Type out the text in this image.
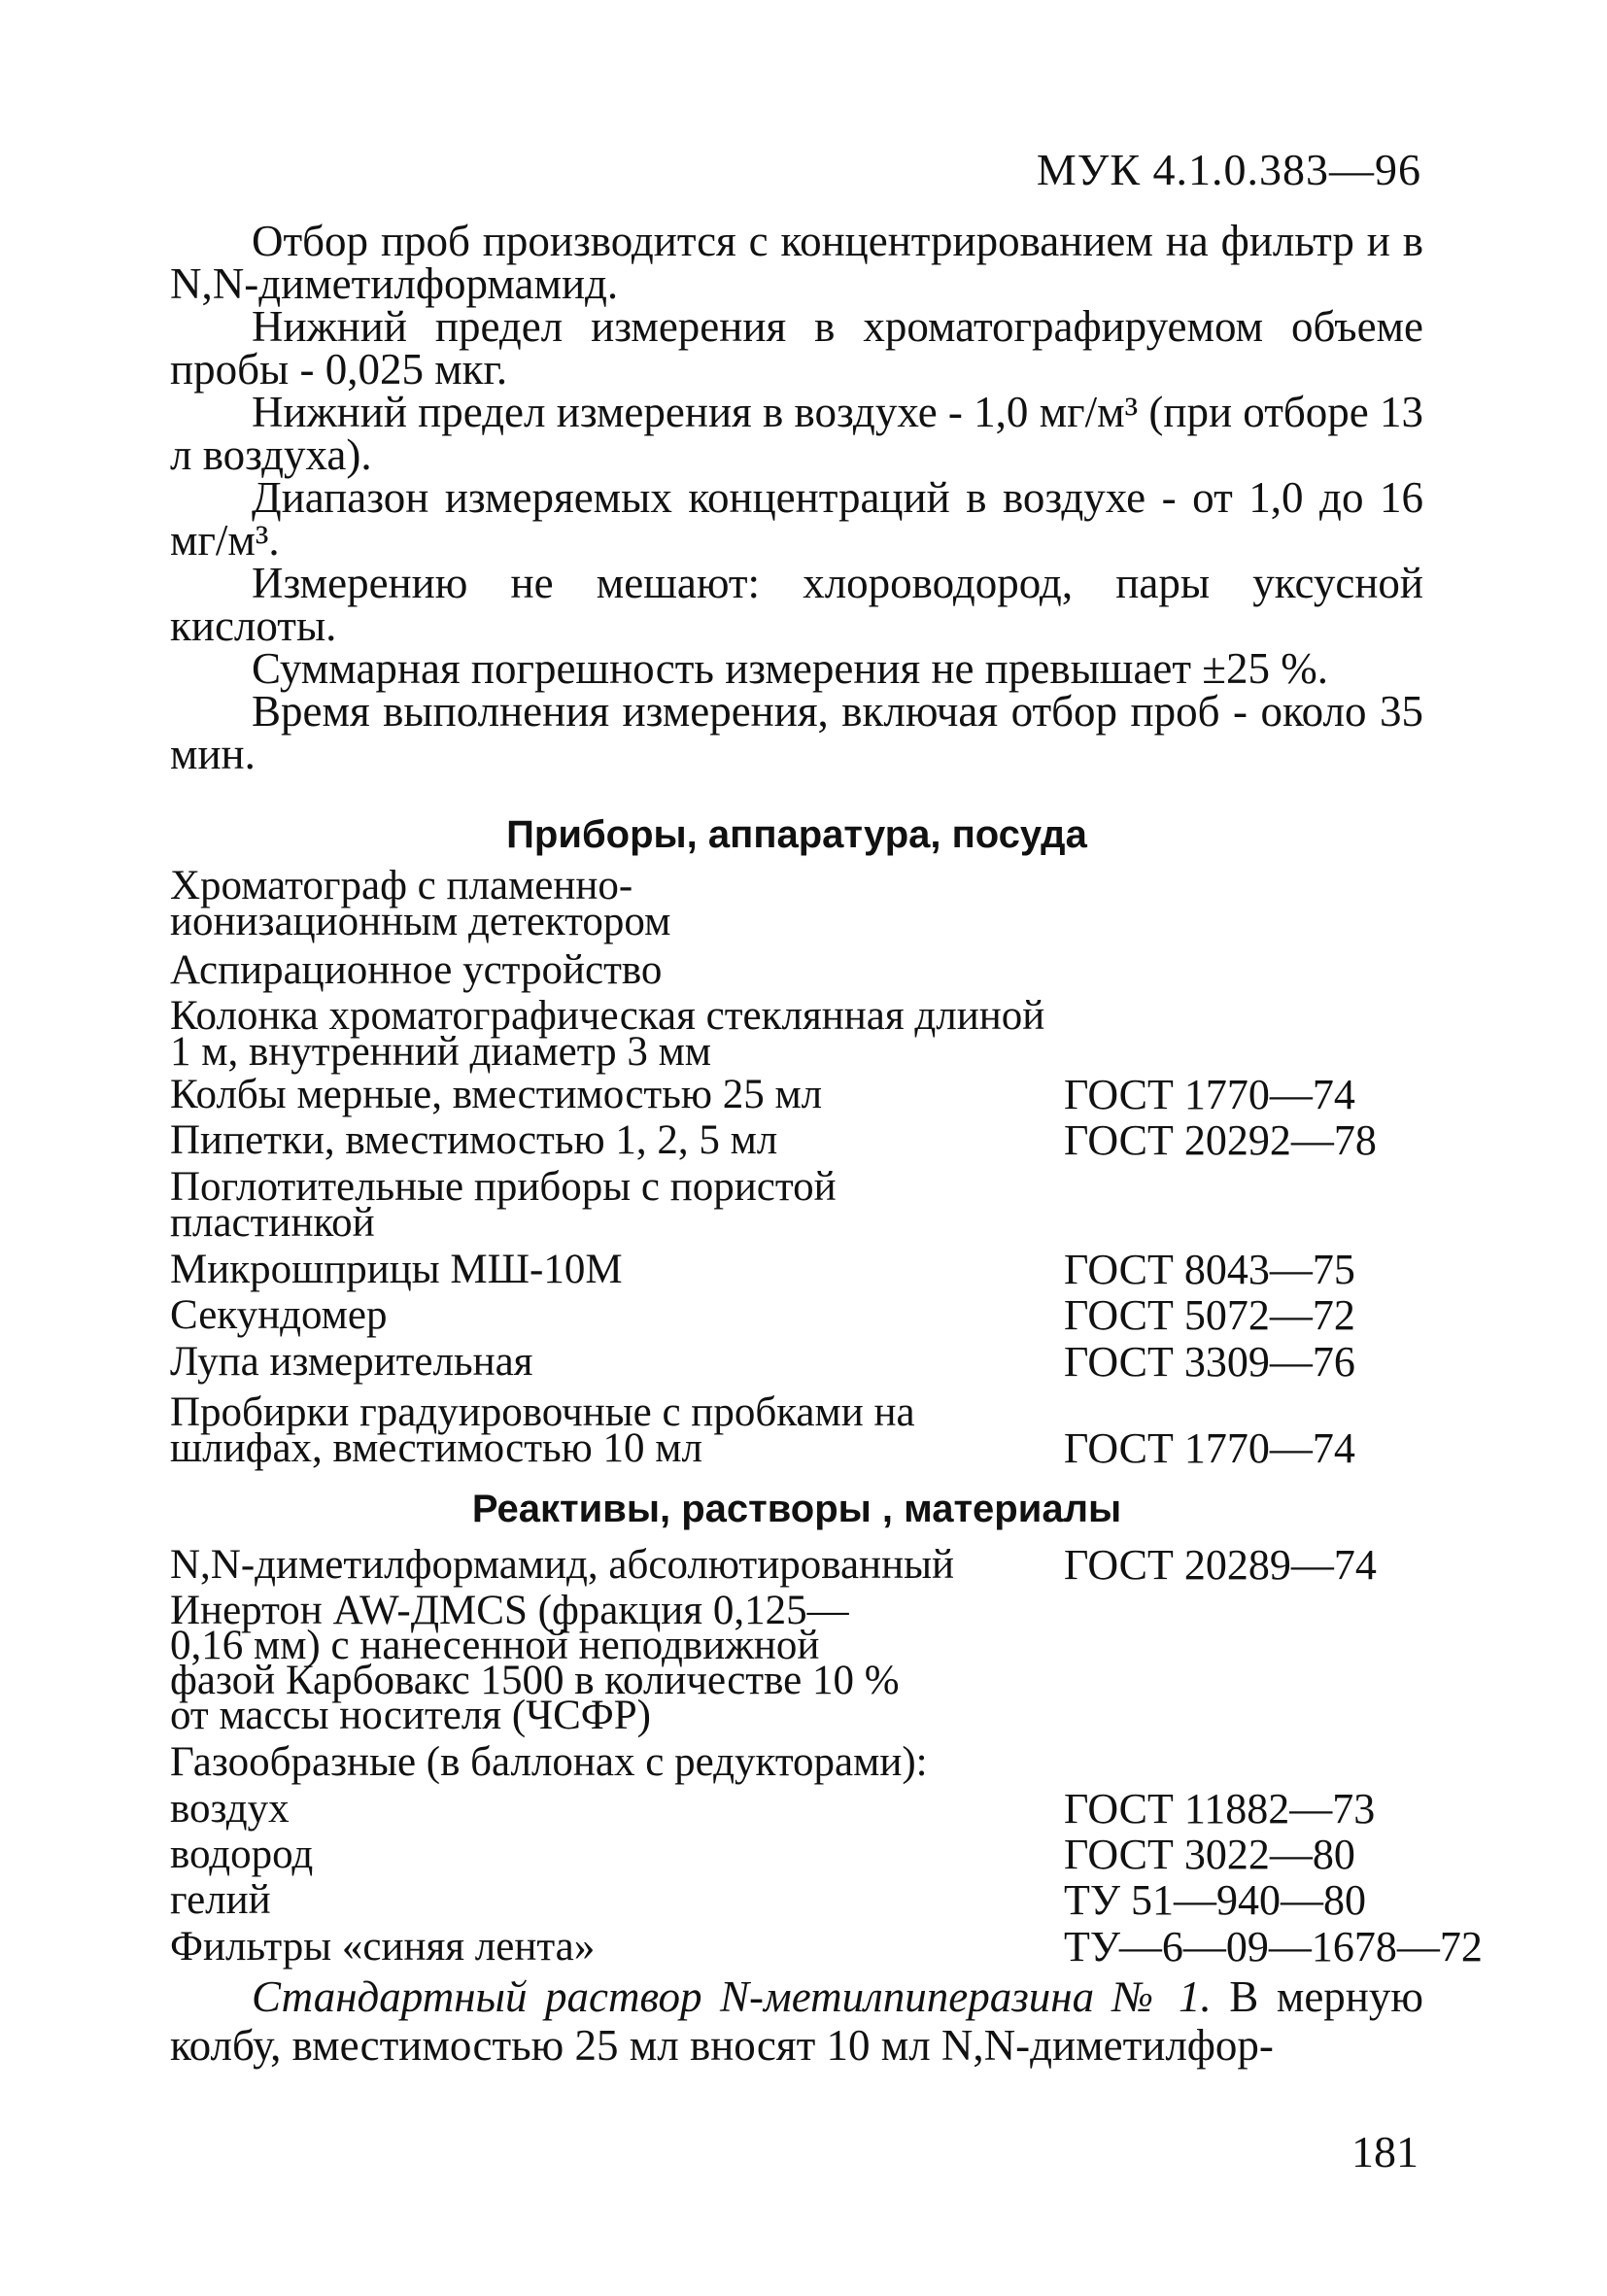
МУК 4.1.0.383—96

Отбор проб производится с концентрированием на фильтр и в N,N-диметилформамид.

Нижний предел измерения в хроматографируемом объеме пробы - 0,025 мкг.

Нижний предел измерения в воздухе - 1,0 мг/м³ (при отборе 13 л воздуха).

Диапазон измеряемых концентраций в воздухе - от 1,0 до 16 мг/м³.

Измерению не мешают: хлороводород, пары уксусной кислоты.

Суммарная погрешность измерения не превышает ±25 %.

Время выполнения измерения, включая отбор проб - около 35 мин.

Приборы, аппаратура, посуда
Хроматограф с пламенно-ионизационным детектором
Аспирационное устройство
Колонка хроматографическая стеклянная длиной 1 м, внутренний диаметр 3 мм
Колбы мерные, вместимостью 25 мл	ГОСТ 1770—74
Пипетки, вместимостью 1, 2, 5 мл	ГОСТ 20292—78
Поглотительные приборы с пористой пластинкой
Микрошприцы МШ-10М	ГОСТ 8043—75
Секундомер	ГОСТ 5072—72
Лупа измерительная	ГОСТ 3309—76
Пробирки градуировочные с пробками на шлифах, вместимостью 10 мл	ГОСТ 1770—74
Реактивы, растворы , материалы
N,N-диметилформамид, абсолютированный	ГОСТ 20289—74
Инертон AW-ДМCS (фракция 0,125—0,16 мм) с нанесенной неподвижной фазой Карбовакс 1500 в количестве 10 % от массы носителя (ЧСФР)
Газообразные (в баллонах с редукторами):
воздух	ГОСТ 11882—73
водород	ГОСТ 3022—80
гелий	ТУ 51—940—80
Фильтры «синяя лента»	ТУ—6—09—1678—72

Стандартный раствор N-метилпиперазина № 1. В мерную колбу, вместимостью 25 мл вносят 10 мл N,N-диметилфор-

181
